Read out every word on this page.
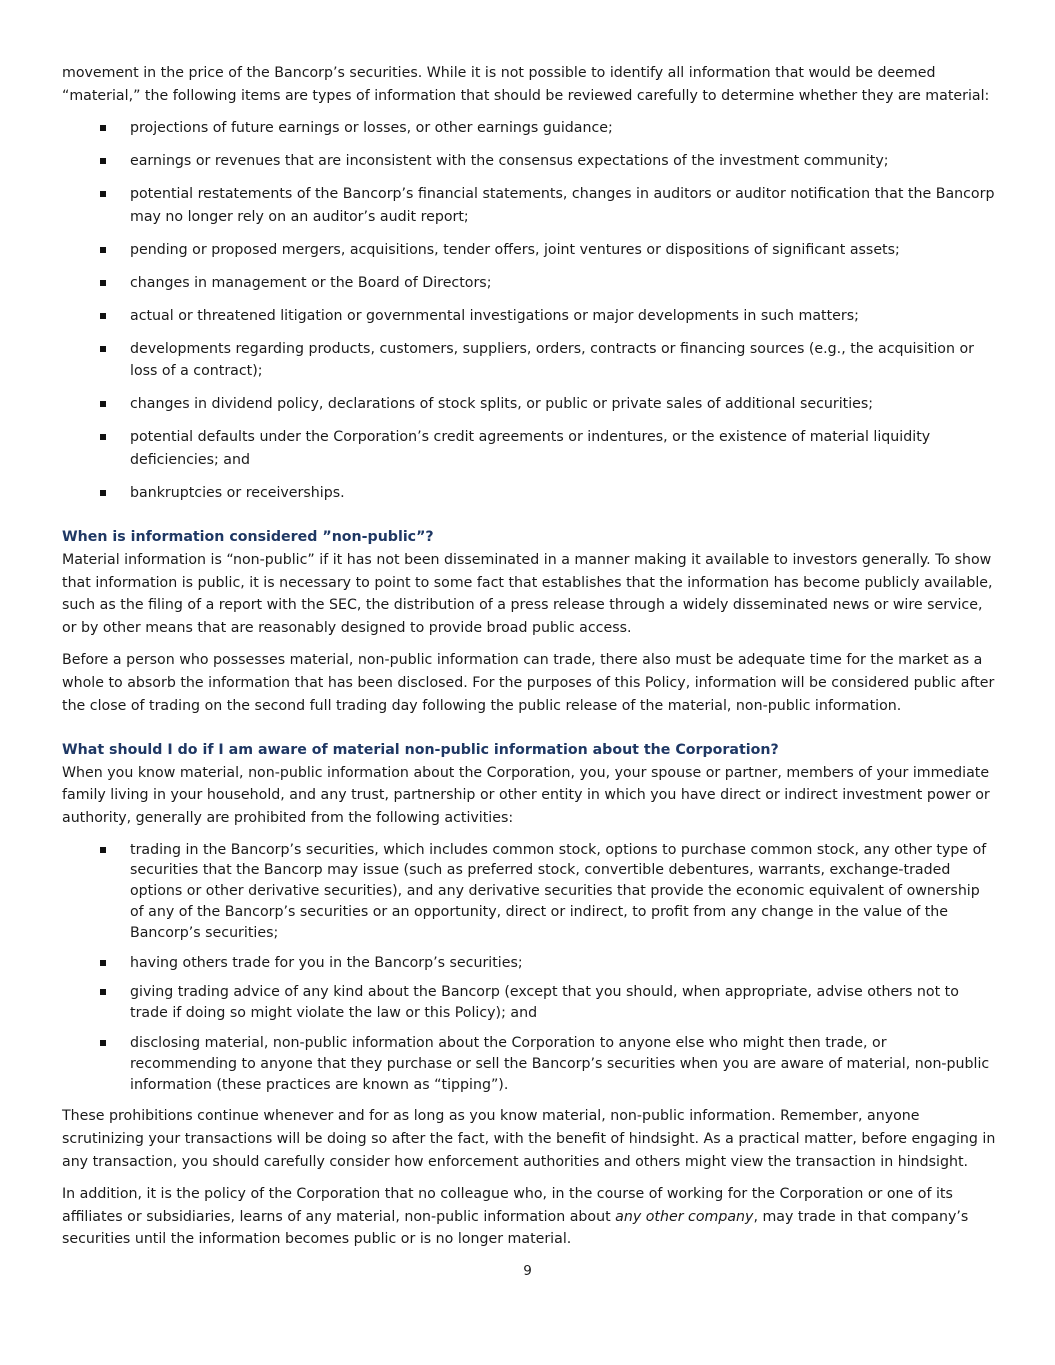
movement in the price of the Bancorp’s securities. While it is not possible to identify all information that would be deemed
“material,” the following items are types of information that should be reviewed carefully to determine whether they are material:

projections of future earnings or losses, or other earnings guidance;
earnings or revenues that are inconsistent with the consensus expectations of the investment community;
potential restatements of the Bancorp’s financial statements, changes in auditors or auditor notification that the Bancorp may no longer rely on an auditor’s audit report;
pending or proposed mergers, acquisitions, tender offers, joint ventures or dispositions of significant assets;
changes in management or the Board of Directors;
actual or threatened litigation or governmental investigations or major developments in such matters;
developments regarding products, customers, suppliers, orders, contracts or financing sources (e.g., the acquisition or loss of a contract);
changes in dividend policy, declarations of stock splits, or public or private sales of additional securities;
potential defaults under the Corporation’s credit agreements or indentures, or the existence of material liquidity deficiencies; and
bankruptcies or receiverships.
When is information considered ”non-public”?

Material information is “non-public” if it has not been disseminated in a manner making it available to investors generally. To show that information is public, it is necessary to point to some fact that establishes that the information has become publicly available, such as the filing of a report with the SEC, the distribution of a press release through a widely disseminated news or wire service, or by other means that are reasonably designed to provide broad public access.

Before a person who possesses material, non-public information can trade, there also must be adequate time for the market as a whole to absorb the information that has been disclosed. For the purposes of this Policy, information will be considered public after the close of trading on the second full trading day following the public release of the material, non-public information.

What should I do if I am aware of material non-public information about the Corporation?

When you know material, non-public information about the Corporation, you, your spouse or partner, members of your immediate family living in your household, and any trust, partnership or other entity in which you have direct or indirect investment power or authority, generally are prohibited from the following activities:

trading in the Bancorp’s securities, which includes common stock, options to purchase common stock, any other type of securities that the Bancorp may issue (such as preferred stock, convertible debentures, warrants, exchange-traded options or other derivative securities), and any derivative securities that provide the economic equivalent of ownership of any of the Bancorp’s securities or an opportunity, direct or indirect, to profit from any change in the value of the Bancorp’s securities;
having others trade for you in the Bancorp’s securities;
giving trading advice of any kind about the Bancorp (except that you should, when appropriate, advise others not to trade if doing so might violate the law or this Policy); and
disclosing material, non-public information about the Corporation to anyone else who might then trade, or recommending to anyone that they purchase or sell the Bancorp’s securities when you are aware of material, non-public information (these practices are known as “tipping”).

These prohibitions continue whenever and for as long as you know material, non-public information. Remember, anyone scrutinizing your transactions will be doing so after the fact, with the benefit of hindsight. As a practical matter, before engaging in any transaction, you should carefully consider how enforcement authorities and others might view the transaction in hindsight.

In addition, it is the policy of the Corporation that no colleague who, in the course of working for the Corporation or one of its affiliates or subsidiaries, learns of any material, non-public information about any other company, may trade in that company’s securities until the information becomes public or is no longer material.

9
